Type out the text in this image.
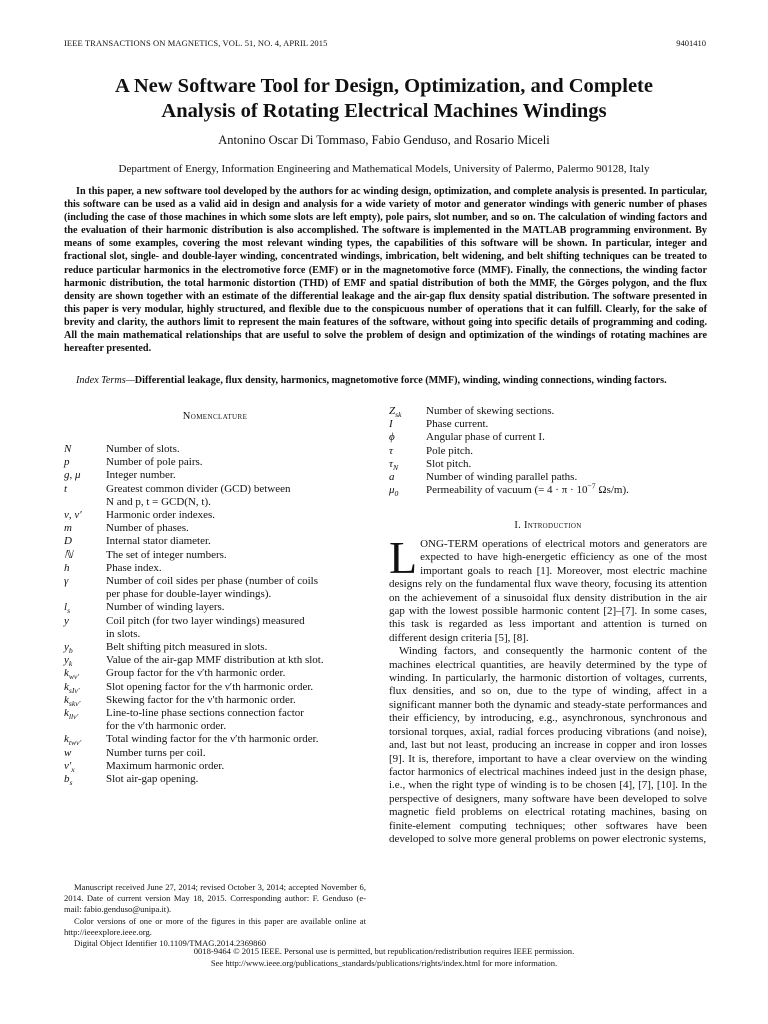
IEEE TRANSACTIONS ON MAGNETICS, VOL. 51, NO. 4, APRIL 2015	9401410
A New Software Tool for Design, Optimization, and Complete
Analysis of Rotating Electrical Machines Windings
Antonino Oscar Di Tommaso, Fabio Genduso, and Rosario Miceli
Department of Energy, Information Engineering and Mathematical Models, University of Palermo, Palermo 90128, Italy
In this paper, a new software tool developed by the authors for ac winding design, optimization, and complete analysis is presented. In particular, this software can be used as a valid aid in design and analysis for a wide variety of motor and generator windings with generic number of phases (including the case of those machines in which some slots are left empty), pole pairs, slot number, and so on. The calculation of winding factors and the evaluation of their harmonic distribution is also accomplished. The software is implemented in the MATLAB programming environment. By means of some examples, covering the most relevant winding types, the capabilities of this software will be shown. In particular, integer and fractional slot, single- and double-layer winding, concentrated windings, imbrication, belt widening, and belt shifting techniques can be treated to reduce particular harmonics in the electromotive force (EMF) or in the magnetomotive force (MMF). Finally, the connections, the winding factor harmonic distribution, the total harmonic distortion (THD) of EMF and spatial distribution of both the MMF, the Görges polygon, and the flux density are shown together with an estimate of the differential leakage and the air-gap flux density spatial distribution. The software presented in this paper is very modular, highly structured, and flexible due to the conspicuous number of operations that it can fulfill. Clearly, for the sake of brevity and clarity, the authors limit to represent the main features of the software, without going into specific details of programming and coding. All the main mathematical relationships that are useful to solve the problem of design and optimization of the windings of rotating machines are hereafter presented.
Index Terms—Differential leakage, flux density, harmonics, magnetomotive force (MMF), winding, winding connections, winding factors.
Nomenclature
N	Number of slots.
p	Number of pole pairs.
g, μ	Integer number.
t	Greatest common divider (GCD) between
N and p, t = GCD(N, t).
ν, ν′	Harmonic order indexes.
m	Number of phases.
D	Internal stator diameter.
ℕ	The set of integer numbers.
h	Phase index.
γ	Number of coil sides per phase (number of coils
per phase for double-layer windings).
$l_s$	Number of winding layers.
y	Coil pitch (for two layer windings) measured
in slots.
$y_b$	Belt shifting pitch measured in slots.
$y_k$	Value of the air-gap MMF distribution at kth slot.
$k_{w\nu'}$	Group factor for the ν′th harmonic order.
$k_{sI\nu'}$	Slot opening factor for the ν′th harmonic order.
$k_{sk\nu'}$	Skewing factor for the ν′th harmonic order.
$k_{ll\nu'}$	Line-to-line phase sections connection factor
for the ν′th harmonic order.
$k_{tw\nu'}$	Total winding factor for the ν′th harmonic order.
w	Number turns per coil.
$\nu'_x$	Maximum harmonic order.
$b_s$	Slot air-gap opening.
$Z_{sk}$	Number of skewing sections.
I	Phase current.
ϕ	Angular phase of current I.
τ	Pole pitch.
$\tau_N$	Slot pitch.
a	Number of winding parallel paths.
$\mu_0$	Permeability of vacuum (= $4 \cdot \pi \cdot 10^{-7}$ Ωs/m).
I. Introduction

LONG-TERM operations of electrical motors and generators are expected to have high-energetic efficiency as one of the most important goals to reach [1]. Moreover, most electric machine designs rely on the fundamental flux wave theory, focusing its attention on the achievement of a sinusoidal flux density distribution in the air gap with the lowest possible harmonic content [2]–[7]. In some cases, this task is regarded as less important and attention is turned on different design criteria [5], [8].

Winding factors, and consequently the harmonic content of the machines electrical quantities, are heavily determined by the type of winding. In particularly, the harmonic distortion of voltages, currents, flux densities, and so on, due to the type of winding, affect in a significant manner both the dynamic and steady-state performances and their efficiency, by introducing, e.g., asynchronous, synchronous and torsional torques, axial, radial forces producing vibrations (and noise), and, last but not least, producing an increase in copper and iron losses [9]. It is, therefore, important to have a clear overview on the winding factor harmonics of electrical machines indeed just in the design phase, i.e., when the right type of winding is to be chosen [4], [7], [10]. In the perspective of designers, many software have been developed to solve magnetic field problems on electrical rotating machines, basing on finite-element computing techniques; other softwares have been developed to solve more general problems on power electronic systems,

Manuscript received June 27, 2014; revised October 3, 2014; accepted November 6, 2014. Date of current version May 18, 2015. Corresponding author: F. Genduso (e-mail: fabio.genduso@unipa.it).

Color versions of one or more of the figures in this paper are available online at http://ieeexplore.ieee.org.

Digital Object Identifier 10.1109/TMAG.2014.2369860

0018-9464 © 2015 IEEE. Personal use is permitted, but republication/redistribution requires IEEE permission.
See http://www.ieee.org/publications_standards/publications/rights/index.html for more information.
